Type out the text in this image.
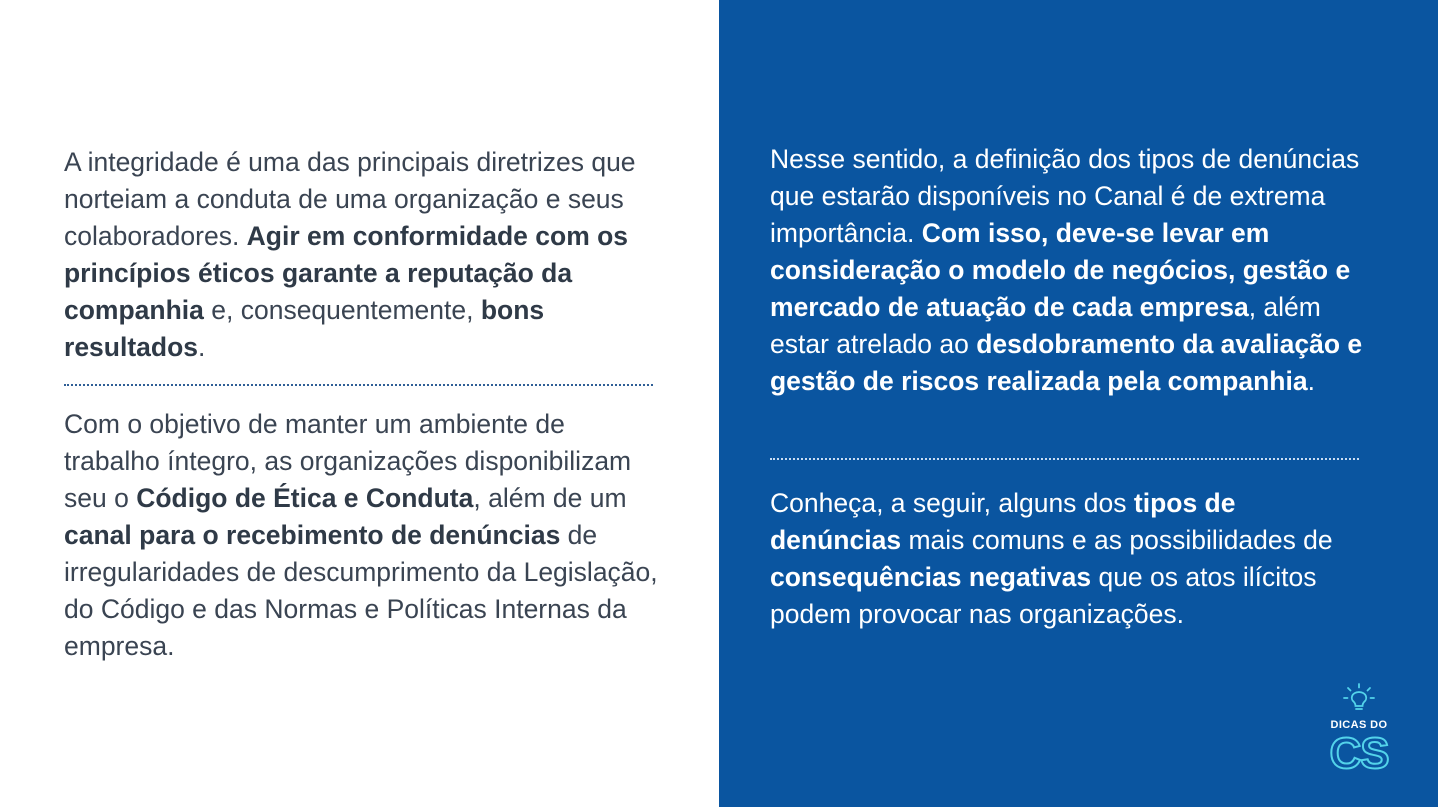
A integridade é uma das principais diretrizes que norteiam a conduta de uma organização e seus colaboradores. Agir em conformidade com os princípios éticos garante a reputação da companhia e, consequentemente, bons resultados.

Com o objetivo de manter um ambiente de trabalho íntegro, as organizações disponibilizam seu o Código de Ética e Conduta, além de um canal para o recebimento de denúncias de irregularidades de descumprimento da Legislação, do Código e das Normas e Políticas Internas da empresa.

Nesse sentido, a definição dos tipos de denúncias que estarão disponíveis no Canal é de extrema importância. Com isso, deve-se levar em consideração o modelo de negócios, gestão e mercado de atuação de cada empresa, além estar atrelado ao desdobramento da avaliação e gestão de riscos realizada pela companhia.

Conheça, a seguir, alguns dos tipos de denúncias mais comuns e as possibilidades de consequências negativas que os atos ilícitos podem provocar nas organizações.

DICAS DO
CS
